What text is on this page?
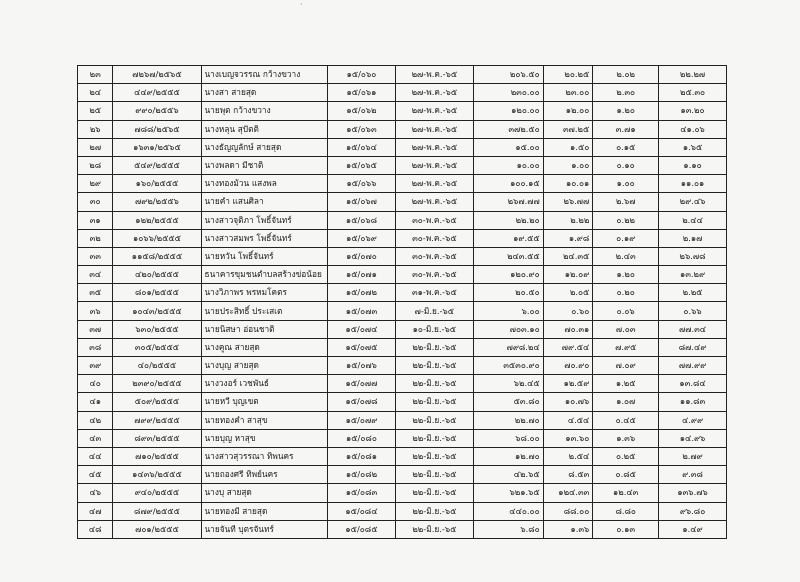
·
๒๓	๗๒๖๗/๒๕๖๕	นางเบญจวรรณ กว้างขวาง	๑๕/๐๖๐	๒๗-พ.ค.-๖๕	๒๐๖.๕๐	๒๐.๒๕	๒.๐๒	๒๒.๒๗
๒๔	๔๔๙/๒๕๕๕	นางสา สายสุด	๑๕/๐๖๑	๒๗-พ.ค.-๖๕	๒๓๐.๐๐	๒๓.๐๐	๒.๓๐	๒๕.๓๐
๒๕	๙๙๐/๒๕๕๖	นายพุต กว้างขวาง	๑๕/๐๖๒	๒๗-พ.ค.-๖๕	๑๒๐.๐๐	๑๒.๐๐	๑.๒๐	๑๓.๒๐
๒๖	๗๘๘/๒๕๖๕	นางหลุน สุปัตติ	๑๕/๐๖๓	๒๗-พ.ค.-๖๕	๓๗๒.๕๐	๓๗.๒๕	๓.๗๑	๔๑.๐๖
๒๗	๑๖๓๑/๒๕๖๕	นางธัญญลักษ์ สายสุด	๑๕/๐๖๔	๒๗-พ.ค.-๖๕	๑๕.๐๐	๑.๕๐	๐.๑๕	๑.๖๕
๒๘	๕๔๙/๒๕๕๕	นางพลดา มีชาติ	๑๕/๐๖๕	๒๗-พ.ค.-๖๕	๑๐.๐๐	๑.๐๐	๐.๑๐	๑.๑๐
๒๙	๑๖๐/๒๕๕๕	นางทองม้วน แสงพล	๑๕/๐๖๖	๒๗-พ.ค.-๖๕	๑๐๐.๑๕	๑๐.๐๑	๑.๐๐	๑๑.๐๑
๓๐	๗๙๒/๒๕๕๖	นายคำ แสนศิลา	๑๕/๐๖๗	๒๗-พ.ค.-๖๕	๒๖๗.๗๗	๒๖.๗๗	๒.๖๗	๒๙.๔๖
๓๑	๑๒๒/๒๕๕๕	นางสาวจุติภา โพธิ์จันทร์	๑๕/๐๖๘	๓๐-พ.ค.-๖๕	๒๒.๒๐	๒.๒๒	๐.๒๒	๒.๔๔
๓๒	๑๐๖๖/๒๕๕๕	นางสาวสมพร โพธิ์จันทร์	๑๕/๐๖๙	๓๐-พ.ค.-๖๕	๑๙.๕๕	๑.๙๘	๐.๑๙	๒.๑๗
๓๓	๑๑๕๘/๒๕๕๕	นายหวัน โพธิ์จันทร์	๑๕/๐๗๐	๓๐-พ.ค.-๖๕	๒๔๓.๕๕	๒๔.๓๕	๒.๔๓	๒๖.๗๘
๓๔	๔๒๐/๒๕๕๕	ธนาคารขุมชนตำบลสร้างข่อน้อย	๑๕/๐๗๑	๓๐-พ.ค.-๖๕	๑๒๐.๙๐	๑๒.๐๙	๑.๒๐	๑๓.๒๙
๓๕	๘๐๑/๒๕๕๕	นางวิภาพร พรหมโคตร	๑๕/๐๗๒	๓๑-พ.ค.-๖๕	๒๐.๕๐	๒.๐๕	๐.๒๐	๒.๒๕
๓๖	๑๐๔๓/๒๕๕๕	นายประสิทธิ์ ประเสเต	๑๕/๐๗๓	๗-มิ.ย.-๖๕	๖.๐๐	๐.๖๐	๐.๐๖	๐.๖๖
๓๗	๖๓๐/๒๕๕๕	นายนิสษา อ่อนชาติ	๑๕/๐๗๔	๑๐-มิ.ย.-๖๕	๗๐๓.๑๐	๗๐.๓๑	๗.๐๓	๗๗.๓๔
๓๘	๓๐๕/๒๕๕๕	นางคูณ สายสุด	๑๕/๐๗๕	๒๒-มิ.ย.-๖๕	๗๙๘.๒๔	๗๙.๕๔	๗.๙๕	๘๗.๔๙
๓๙	๔๐/๒๕๕๕	นางบุญ สายสุด	๑๕/๐๗๖	๒๒-มิ.ย.-๖๕	๓๕๓๐.๙๐	๗๐.๙๐	๗.๐๙	๗๗.๙๙
๔๐	๒๓๙๐/๒๕๕๕	นางวงอร์ เวชพันธ์	๑๕/๐๗๗	๒๒-มิ.ย.-๖๕	๖๒.๔๕	๑๒.๕๙	๑.๒๕	๑๓.๘๔
๔๑	๕๐๙/๒๕๕๕	นายหวี บุญเขต	๑๕/๐๗๘	๒๒-มิ.ย.-๖๕	๕๓.๘๐	๑๐.๗๖	๑.๐๗	๑๑.๘๓
๔๒	๗๙๙/๒๕๕๕	นายทองคำ สาสุข	๑๕/๐๗๙	๒๒-มิ.ย.-๖๕	๒๒.๗๐	๔.๕๔	๐.๔๕	๔.๙๙
๔๓	๘๙๓/๒๕๕๕	นายบุญ หาสุข	๑๕/๐๘๐	๒๒-มิ.ย.-๖๕	๖๘.๐๐	๑๓.๖๐	๑.๓๖	๑๔.๙๖
๔๔	๗๑๐/๒๕๕๕	นางสาวสุวรรณา ทิพนคร	๑๕/๐๘๑	๒๒-มิ.ย.-๖๕	๑๒.๗๐	๒.๕๔	๐.๒๕	๒.๗๙
๔๕	๑๔๓๖/๒๕๕๕	นายถองศรี ทิพย์นคร	๑๕/๐๘๒	๒๒-มิ.ย.-๖๕	๔๒.๖๕	๘.๕๓	๐.๘๕	๙.๓๘
๔๖	๙๔๐/๒๕๕๕	นางบุ สายสุด	๑๕/๐๘๓	๒๒-มิ.ย.-๖๕	๖๒๑.๖๕	๑๒๔.๓๓	๑๒.๔๓	๑๓๖.๗๖
๔๗	๘๗๙/๒๕๕๕	นายทองมี สายสุด	๑๕/๐๘๔	๒๒-มิ.ย.-๖๕	๔๔๐.๐๐	๘๘.๐๐	๘.๘๐	๙๖.๘๐
๔๘	๗๐๑/๒๕๕๕	นายจันที บุตรจันทร์	๑๕/๐๘๕	๒๒-มิ.ย.-๖๕	๖.๘๐	๑.๓๖	๐.๑๓	๑.๔๙
